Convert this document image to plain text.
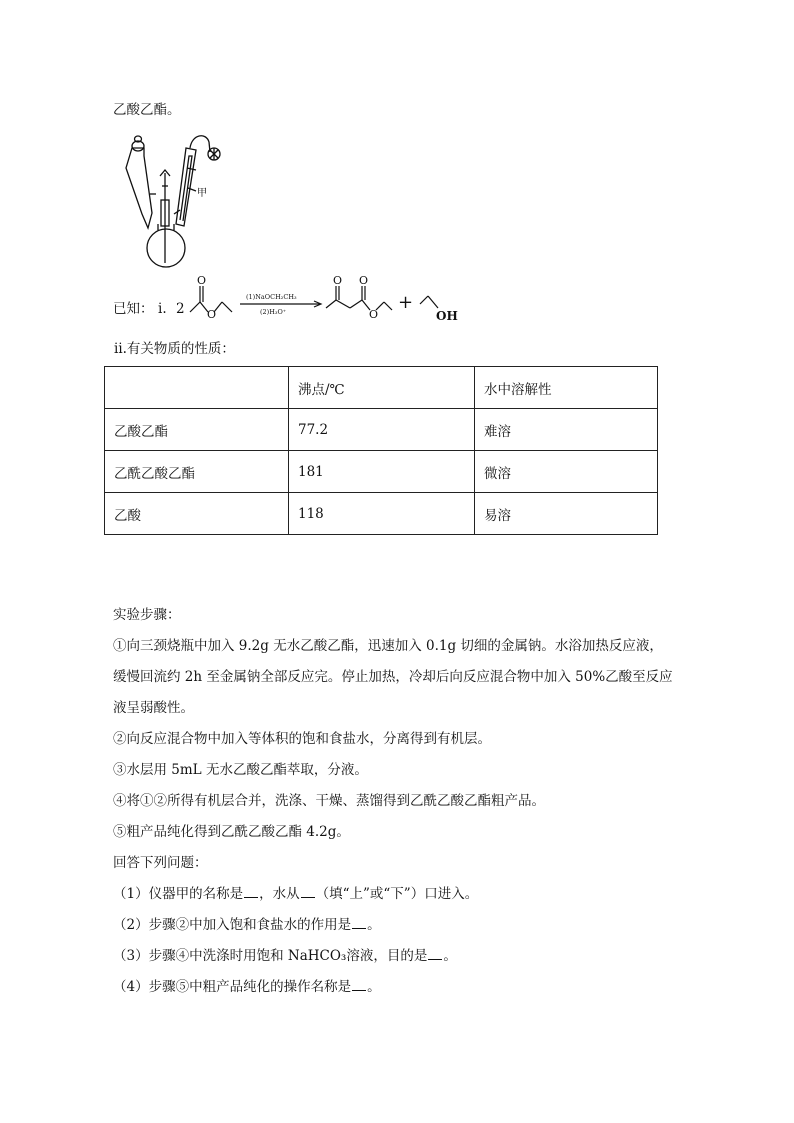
乙酸乙酯。
甲
已知： ⅰ. 2
O
O
(1)NaOCH₂CH₃
(2)H₃O⁺
O O
O
+
OH
ⅱ.有关物质的性质：
	沸点/℃	水中溶解性
乙酸乙酯	77.2	难溶
乙酰乙酸乙酯	181	微溶
乙酸	118	易溶
实验步骤：
①向三颈烧瓶中加入 9.2g 无水乙酸乙酯，迅速加入 0.1g 切细的金属钠。水浴加热反应液，
缓慢回流约 2h 至金属钠全部反应完。停止加热，冷却后向反应混合物中加入 50%乙酸至反应
液呈弱酸性。
②向反应混合物中加入等体积的饱和食盐水，分离得到有机层。
③水层用 5mL 无水乙酸乙酯萃取，分液。
④将①②所得有机层合并，洗涤、干燥、蒸馏得到乙酰乙酸乙酯粗产品。
⑤粗产品纯化得到乙酰乙酸乙酯 4.2g。
回答下列问题：
（1）仪器甲的名称是 ，水从 （填“上”或“下”）口进入。
（2）步骤②中加入饱和食盐水的作用是 。
（3）步骤④中洗涤时用饱和 NaHCO₃溶液，目的是 。
（4）步骤⑤中粗产品纯化的操作名称是 。
